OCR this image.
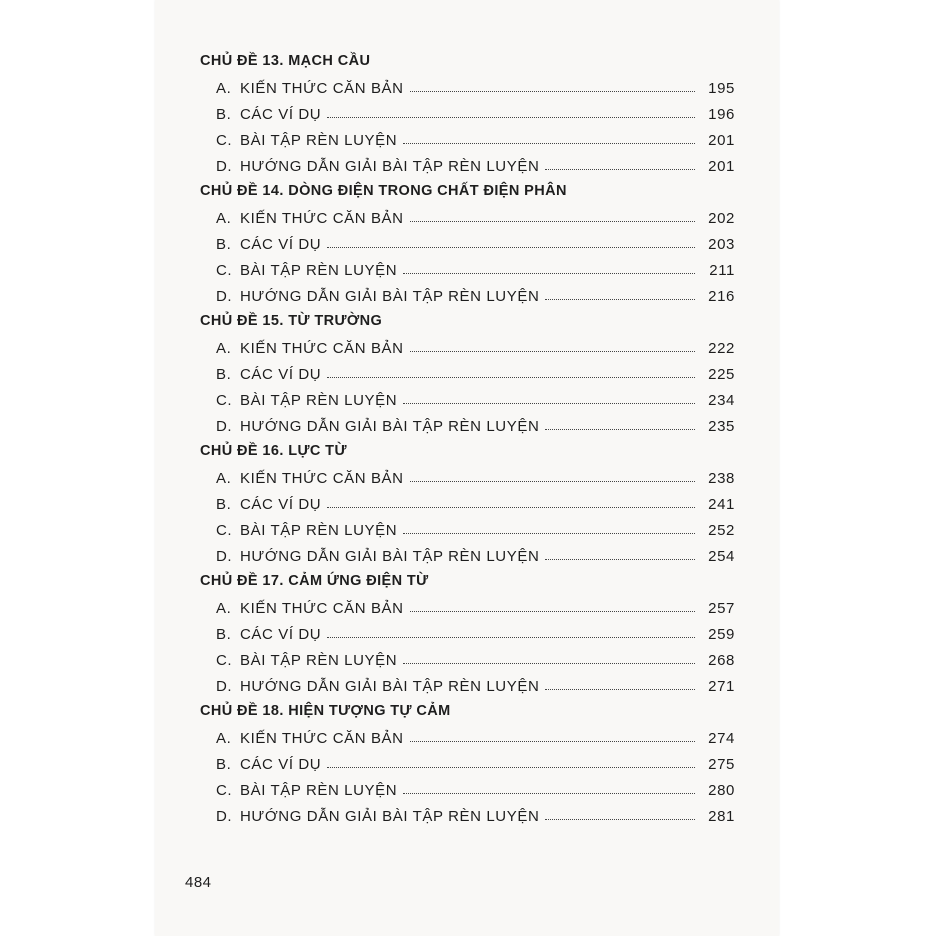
CHỦ ĐỀ 13. MẠCH CẦU
A. KIẾN THỨC CĂN BẢN	195
B. CÁC VÍ DỤ	196
C. BÀI TẬP RÈN LUYỆN	201
D. HƯỚNG DẪN GIẢI BÀI TẬP RÈN LUYỆN	201
CHỦ ĐỀ 14. DÒNG ĐIỆN TRONG CHẤT ĐIỆN PHÂN
A. KIẾN THỨC CĂN BẢN	202
B. CÁC VÍ DỤ	203
C. BÀI TẬP RÈN LUYỆN	211
D. HƯỚNG DẪN GIẢI BÀI TẬP RÈN LUYỆN	216
CHỦ ĐỀ 15. TỪ TRƯỜNG
A. KIẾN THỨC CĂN BẢN	222
B. CÁC VÍ DỤ	225
C. BÀI TẬP RÈN LUYỆN	234
D. HƯỚNG DẪN GIẢI BÀI TẬP RÈN LUYỆN	235
CHỦ ĐỀ 16. LỰC TỪ
A. KIẾN THỨC CĂN BẢN	238
B. CÁC VÍ DỤ	241
C. BÀI TẬP RÈN LUYỆN	252
D. HƯỚNG DẪN GIẢI BÀI TẬP RÈN LUYỆN	254
CHỦ ĐỀ 17. CẢM ỨNG ĐIỆN TỪ
A. KIẾN THỨC CĂN BẢN	257
B. CÁC VÍ DỤ	259
C. BÀI TẬP RÈN LUYỆN	268
D. HƯỚNG DẪN GIẢI BÀI TẬP RÈN LUYỆN	271
CHỦ ĐỀ 18. HIỆN TƯỢNG TỰ CẢM
A. KIẾN THỨC CĂN BẢN	274
B. CÁC VÍ DỤ	275
C. BÀI TẬP RÈN LUYỆN	280
D. HƯỚNG DẪN GIẢI BÀI TẬP RÈN LUYỆN	281
484
